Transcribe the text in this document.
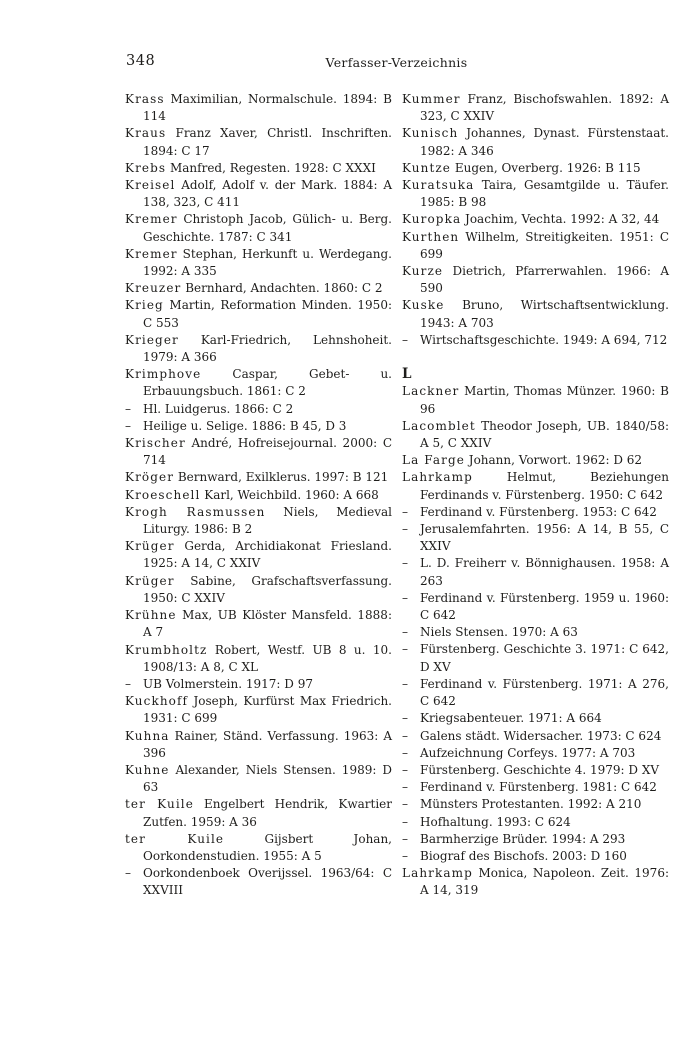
348	Verfasser-Verzeichnis

Krass Maximilian, Normalschule. 1894: B 114

Kraus Franz Xaver, Christl. Inschriften. 1894: C 17

Krebs Manfred, Regesten. 1928: C XXXI

Kreisel Adolf, Adolf v. der Mark. 1884: A 138, 323, C 411

Kremer Christoph Jacob, Gülich- u. Berg. Geschichte. 1787: C 341

Kremer Stephan, Herkunft u. Werdegang. 1992: A 335

Kreuzer Bernhard, Andachten. 1860: C 2

Krieg Martin, Reformation Minden. 1950: C 553

Krieger Karl-Friedrich, Lehnshoheit. 1979: A 366

Krimphove Caspar, Gebet- u. Erbauungsbuch. 1861: C 2

– Hl. Luidgerus. 1866: C 2

– Heilige u. Selige. 1886: B 45, D 3

Krischer André, Hofreisejournal. 2000: C 714

Kröger Bernward, Exilklerus. 1997: B 121

Kroeschell Karl, Weichbild. 1960: A 668

Krogh Rasmussen Niels, Medieval Liturgy. 1986: B 2

Krüger Gerda, Archidiakonat Friesland. 1925: A 14, C XXIV

Krüger Sabine, Grafschaftsverfassung. 1950: C XXIV

Krühne Max, UB Klöster Mansfeld. 1888: A 7

Krumbholtz Robert, Westf. UB 8 u. 10. 1908/13: A 8, C XL

– UB Volmerstein. 1917: D 97

Kuckhoff Joseph, Kurfürst Max Friedrich. 1931: C 699

Kuhna Rainer, Ständ. Verfassung. 1963: A 396

Kuhne Alexander, Niels Stensen. 1989: D 63

ter Kuile Engelbert Hendrik, Kwartier Zutfen. 1959: A 36

ter Kuile Gijsbert Johan, Oorkondenstudien. 1955: A 5

– Oorkondenboek Overijssel. 1963/64: C XXVIII

Kummer Franz, Bischofswahlen. 1892: A 323, C XXIV

Kunisch Johannes, Dynast. Fürstenstaat. 1982: A 346

Kuntze Eugen, Overberg. 1926: B 115

Kuratsuka Taira, Gesamtgilde u. Täufer. 1985: B 98

Kuropka Joachim, Vechta. 1992: A 32, 44

Kurthen Wilhelm, Streitigkeiten. 1951: C 699

Kurze Dietrich, Pfarrerwahlen. 1966: A 590

Kuske Bruno, Wirtschaftsentwicklung. 1943: A 703

– Wirtschaftsgeschichte. 1949: A 694, 712

L

Lackner Martin, Thomas Münzer. 1960: B 96

Lacomblet Theodor Joseph, UB. 1840/58: A 5, C XXIV

La Farge Johann, Vorwort. 1962: D 62

Lahrkamp Helmut, Beziehungen Ferdinands v. Fürstenberg. 1950: C 642

– Ferdinand v. Fürstenberg. 1953: C 642

– Jerusalemfahrten. 1956: A 14, B 55, C XXIV

– L. D. Freiherr v. Bönnighausen. 1958: A 263

– Ferdinand v. Fürstenberg. 1959 u. 1960: C 642

– Niels Stensen. 1970: A 63

– Fürstenberg. Geschichte 3. 1971: C 642, D XV

– Ferdinand v. Fürstenberg. 1971: A 276, C 642

– Kriegsabenteuer. 1971: A 664

– Galens städt. Widersacher. 1973: C 624

– Aufzeichnung Corfeys. 1977: A 703

– Fürstenberg. Geschichte 4. 1979: D XV

– Ferdinand v. Fürstenberg. 1981: C 642

– Münsters Protestanten. 1992: A 210

– Hofhaltung. 1993: C 624

– Barmherzige Brüder. 1994: A 293

– Biograf des Bischofs. 2003: D 160

Lahrkamp Monica, Napoleon. Zeit. 1976: A 14, 319
